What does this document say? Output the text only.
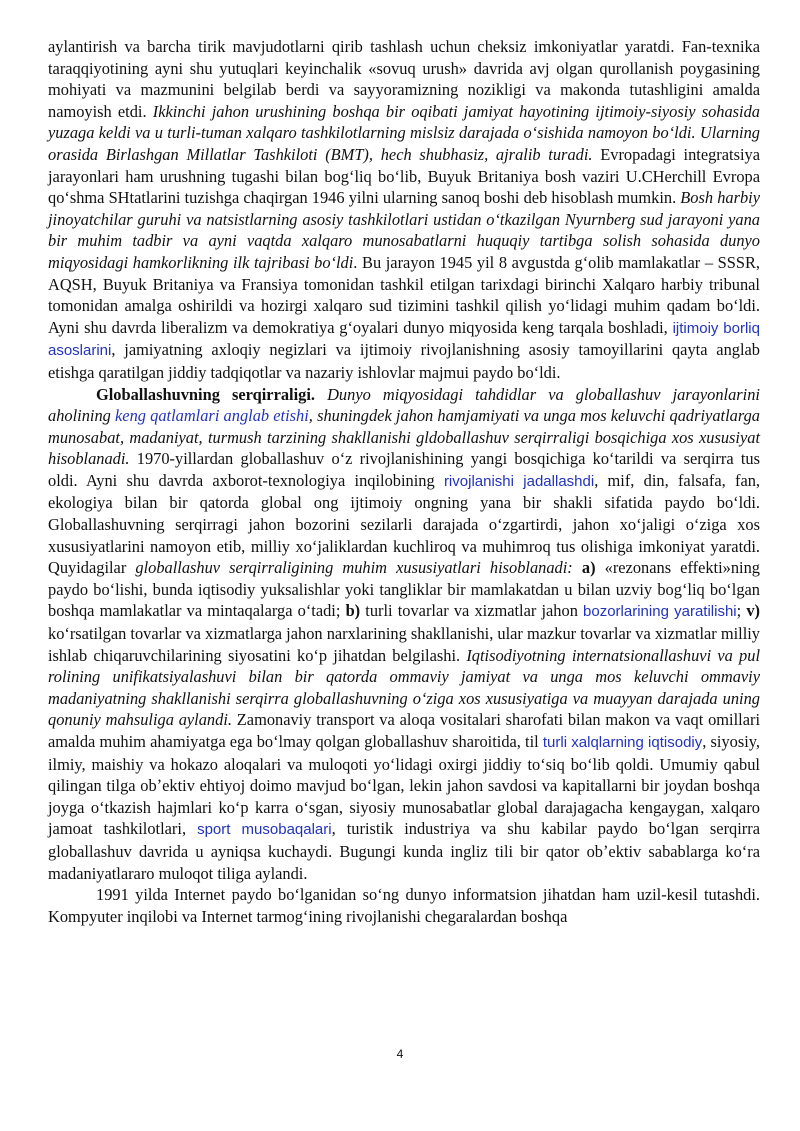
aylantirish va barcha tirik mavjudotlarni qirib tashlash uchun cheksiz imkoniyatlar yaratdi. Fan-texnika taraqqiyotining ayni shu yutuqlari keyinchalik «sovuq urush» davrida avj olgan qurollanish poygasining mohiyati va mazmunini belgilab berdi va sayyoramizning nozikligi va makonda tutashligini amalda namoyish etdi. Ikkinchi jahon urushining boshqa bir oqibati jamiyat hayotining ijtimoiy-siyosiy sohasida yuzaga keldi va u turli-tuman xalqaro tashkilotlarning mislsiz darajada oʻsishida namoyon boʻldi. Ularning orasida Birlashgan Millatlar Tashkiloti (BMT), hech shubhasiz, ajralib turadi. Evropadagi integratsiya jarayonlari ham urushning tugashi bilan bogʻliq boʻlib, Buyuk Britaniya bosh vaziri U.CHerchill Evropa qoʻshma SHtatlarini tuzishga chaqirgan 1946 yilni ularning sanoq boshi deb hisoblash mumkin. Bosh harbiy jinoyatchilar guruhi va natsistlarning asosiy tashkilotlari ustidan oʻtkazilgan Nyurnberg sud jarayoni yana bir muhim tadbir va ayni vaqtda xalqaro munosabatlarni huquqiy tartibga solish sohasida dunyo miqyosidagi hamkorlikning ilk tajribasi boʻldi. Bu jarayon 1945 yil 8 avgustda gʻolib mamlakatlar – SSSR, AQSH, Buyuk Britaniya va Fransiya tomonidan tashkil etilgan tarixdagi birinchi Xalqaro harbiy tribunal tomonidan amalga oshirildi va hozirgi xalqaro sud tizimini tashkil qilish yoʻlidagi muhim qadam boʻldi. Ayni shu davrda liberalizm va demokratiya gʻoyalari dunyo miqyosida keng tarqala boshladi, ijtimoiy borliq asoslarini, jamiyatning axloqiy negizlari va ijtimoiy rivojlanishning asosiy tamoyillarini qayta anglab etishga qaratilgan jiddiy tadqiqotlar va nazariy ishlovlar majmui paydo boʻldi.

Globallashuvning serqirraligi. Dunyo miqyosidagi tahdidlar va globallashuv jarayonlarini aholining keng qatlamlari anglab etishi, shuningdek jahon hamjamiyati va unga mos keluvchi qadriyatlarga munosabat, madaniyat, turmush tarzining shakllanishi gldoballashuv serqirraligi bosqichiga xos xususiyat hisoblanadi. 1970-yillardan globallashuv oʻz rivojlanishining yangi bosqichiga koʻtarildi va serqirra tus oldi. Ayni shu davrda axborot-texnologiya inqilobining rivojlanishi jadallashdi, mif, din, falsafa, fan, ekologiya bilan bir qatorda global ong ijtimoiy ongning yana bir shakli sifatida paydo boʻldi. Globallashuvning serqirragi jahon bozorini sezilarli darajada oʻzgartirdi, jahon xoʻjaligi oʻziga xos xususiyatlarini namoyon etib, milliy xoʻjaliklardan kuchliroq va muhimroq tus olishiga imkoniyat yaratdi. Quyidagilar globallashuv serqirraligining muhim xususiyatlari hisoblanadi: a) «rezonans effekti»ning paydo boʻlishi, bunda iqtisodiy yuksalishlar yoki tangliklar bir mamlakatdan u bilan uzviy bogʻliq boʻlgan boshqa mamlakatlar va mintaqalarga oʻtadi; b) turli tovarlar va xizmatlar jahon bozorlarining yaratilishi; v) koʻrsatilgan tovarlar va xizmatlarga jahon narxlarining shakllanishi, ular mazkur tovarlar va xizmatlar milliy ishlab chiqaruvchilarining siyosatini koʻp jihatdan belgilashi. Iqtisodiyotning internatsionallashuvi va pul rolining unifikatsiyalashuvi bilan bir qatorda ommaviy jamiyat va unga mos keluvchi ommaviy madaniyatning shakllanishi serqirra globallashuvning oʻziga xos xususiyatiga va muayyan darajada uning qonuniy mahsuliga aylandi. Zamonaviy transport va aloqa vositalari sharofati bilan makon va vaqt omillari amalda muhim ahamiyatga ega boʻlmay qolgan globallashuv sharoitida, til turli xalqlarning iqtisodiy, siyosiy, ilmiy, maishiy va hokazo aloqalari va muloqoti yoʻlidagi oxirgi jiddiy toʻsiq boʻlib qoldi. Umumiy qabul qilingan tilga obʼektiv ehtiyoj doimo mavjud boʻlgan, lekin jahon savdosi va kapitallarni bir joydan boshqa joyga oʻtkazish hajmlari koʻp karra oʻsgan, siyosiy munosabatlar global darajagacha kengaygan, xalqaro jamoat tashkilotlari, sport musobaqalari, turistik industriya va shu kabilar paydo boʻlgan serqirra globallashuv davrida u ayniqsa kuchaydi. Bugungi kunda ingliz tili bir qator obʼektiv sabablarga koʻra madaniyatlararo muloqot tiliga aylandi.

1991 yilda Internet paydo boʻlganidan soʻng dunyo informatsion jihatdan ham uzil-kesil tutashdi. Kompyuter inqilobi va Internet tarmogʻining rivojlanishi chegaralardan boshqa

4
